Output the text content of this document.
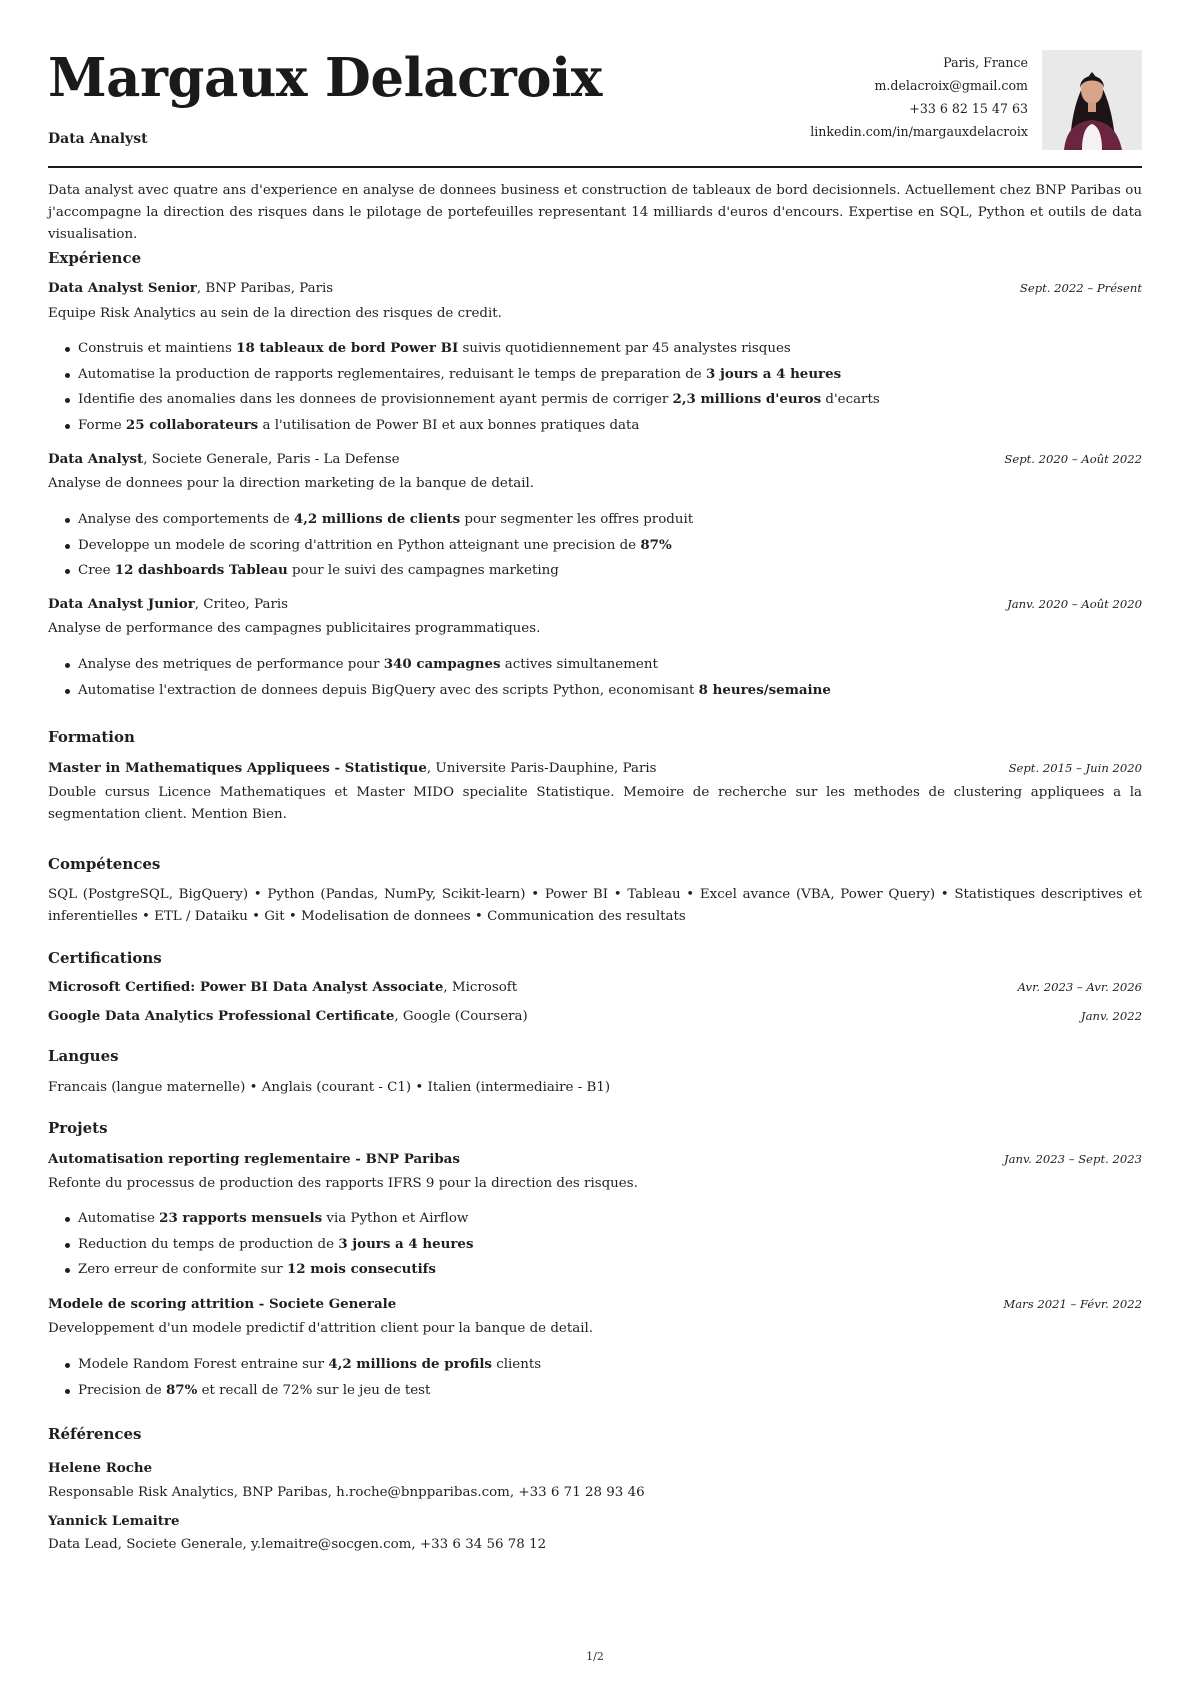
Margaux Delacroix
Data Analyst
Paris, France
m.delacroix@gmail.com
+33 6 82 15 47 63
linkedin.com/in/margauxdelacroix
Data analyst avec quatre ans d'experience en analyse de donnees business et construction de tableaux de bord decisionnels. Actuellement chez BNP Paribas ou j'accompagne la direction des risques dans le pilotage de portefeuilles representant 14 milliards d'euros d'encours. Expertise en SQL, Python et outils de data visualisation.
Expérience
Data Analyst Senior, BNP Paribas, Paris	Sept. 2022 – Présent
Equipe Risk Analytics au sein de la direction des risques de credit.
Construis et maintiens 18 tableaux de bord Power BI suivis quotidiennement par 45 analystes risques
Automatise la production de rapports reglementaires, reduisant le temps de preparation de 3 jours a 4 heures
Identifie des anomalies dans les donnees de provisionnement ayant permis de corriger 2,3 millions d'euros d'ecarts
Forme 25 collaborateurs a l'utilisation de Power BI et aux bonnes pratiques data
Data Analyst, Societe Generale, Paris - La Defense	Sept. 2020 – Août 2022
Analyse de donnees pour la direction marketing de la banque de detail.
Analyse des comportements de 4,2 millions de clients pour segmenter les offres produit
Developpe un modele de scoring d'attrition en Python atteignant une precision de 87%
Cree 12 dashboards Tableau pour le suivi des campagnes marketing
Data Analyst Junior, Criteo, Paris	Janv. 2020 – Août 2020
Analyse de performance des campagnes publicitaires programmatiques.
Analyse des metriques de performance pour 340 campagnes actives simultanement
Automatise l'extraction de donnees depuis BigQuery avec des scripts Python, economisant 8 heures/semaine
Formation
Master in Mathematiques Appliquees - Statistique, Universite Paris-Dauphine, Paris	Sept. 2015 – Juin 2020
Double cursus Licence Mathematiques et Master MIDO specialite Statistique. Memoire de recherche sur les methodes de clustering appliquees a la segmentation client. Mention Bien.
Compétences
SQL (PostgreSQL, BigQuery) • Python (Pandas, NumPy, Scikit-learn) • Power BI • Tableau • Excel avance (VBA, Power Query) • Statistiques descriptives et inferentielles • ETL / Dataiku • Git • Modelisation de donnees • Communication des resultats
Certifications
Microsoft Certified: Power BI Data Analyst Associate, Microsoft	Avr. 2023 – Avr. 2026
Google Data Analytics Professional Certificate, Google (Coursera)	Janv. 2022
Langues
Francais (langue maternelle) • Anglais (courant - C1) • Italien (intermediaire - B1)
Projets
Automatisation reporting reglementaire - BNP Paribas	Janv. 2023 – Sept. 2023
Refonte du processus de production des rapports IFRS 9 pour la direction des risques.
Automatise 23 rapports mensuels via Python et Airflow
Reduction du temps de production de 3 jours a 4 heures
Zero erreur de conformite sur 12 mois consecutifs
Modele de scoring attrition - Societe Generale	Mars 2021 – Févr. 2022
Developpement d'un modele predictif d'attrition client pour la banque de detail.
Modele Random Forest entraine sur 4,2 millions de profils clients
Precision de 87% et recall de 72% sur le jeu de test
Références
Helene Roche
Responsable Risk Analytics, BNP Paribas, h.roche@bnpparibas.com, +33 6 71 28 93 46
Yannick Lemaitre
Data Lead, Societe Generale, y.lemaitre@socgen.com, +33 6 34 56 78 12
1/2
